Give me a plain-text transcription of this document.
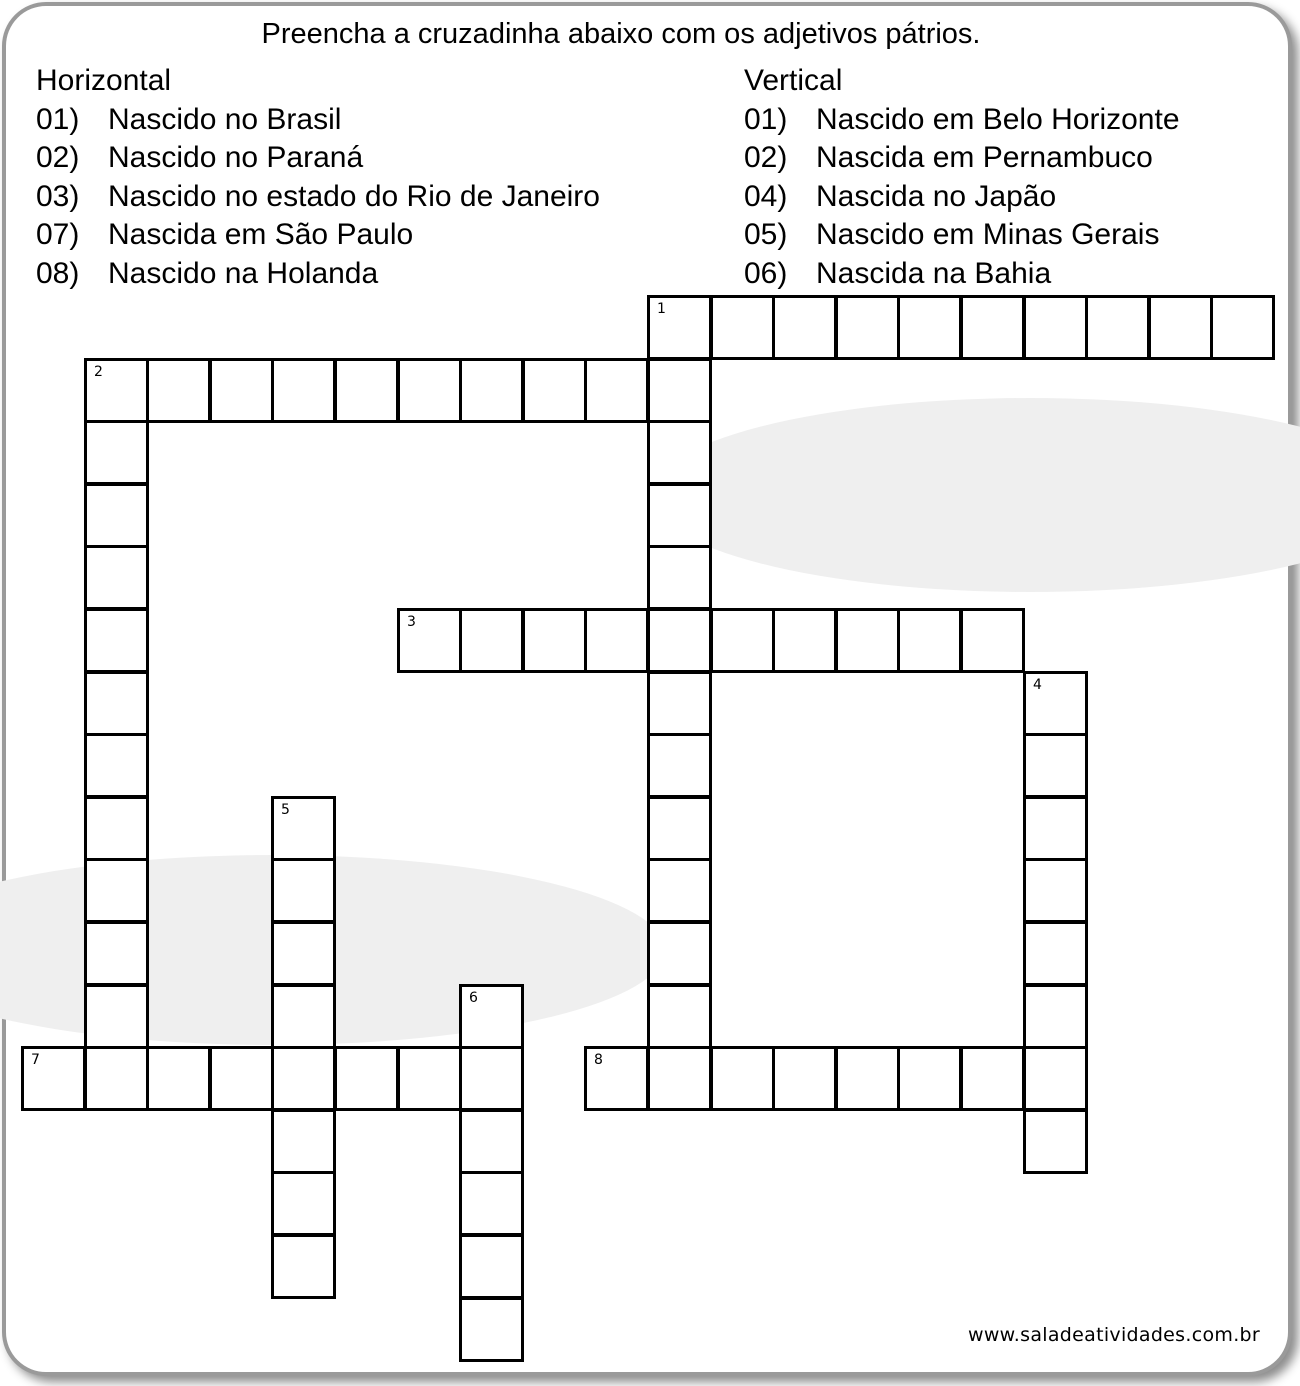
Preencha a cruzadinha abaixo com os adjetivos pátrios.
Horizontal
01) Nascido no Brasil
02) Nascido no Paraná
03) Nascido no estado do Rio de Janeiro
07) Nascida em São Paulo
08) Nascido na Holanda
Vertical
01) Nascido em Belo Horizonte
02) Nascida em Pernambuco
04) Nascida no Japão
05) Nascido em Minas Gerais
06) Nascida na Bahia
1
2
3
4
5
6
7	8
www.saladeatividades.com.br
